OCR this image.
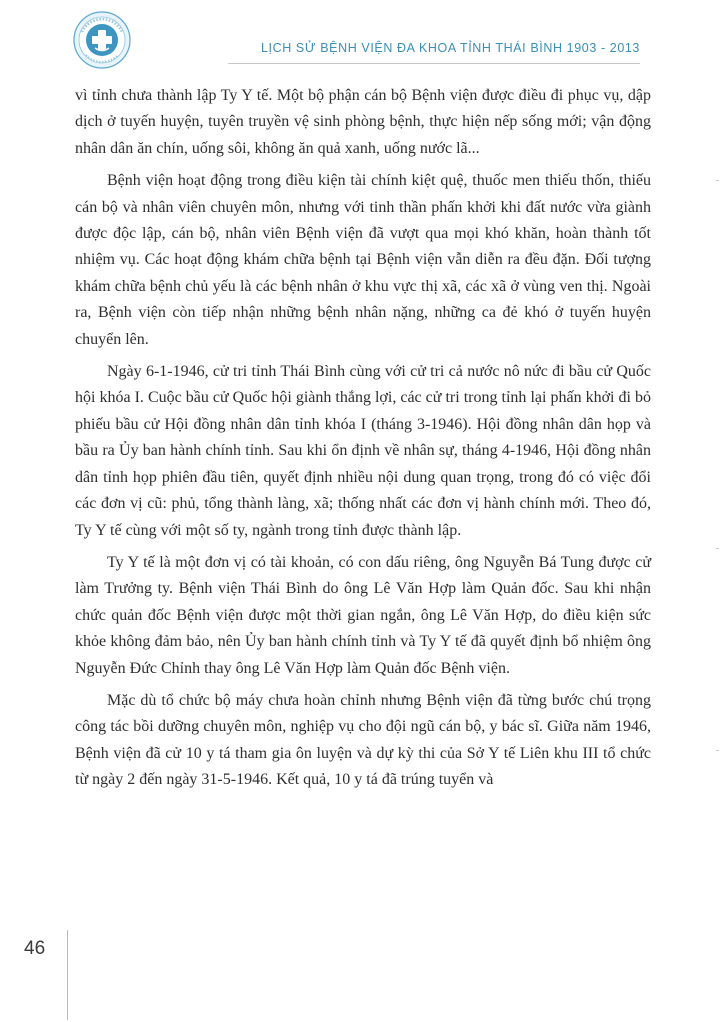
LỊCH SỬ BỆNH VIỆN ĐA KHOA TỈNH THÁI BÌNH 1903 - 2013

vì tỉnh chưa thành lập Ty Y tế. Một bộ phận cán bộ Bệnh viện được điều đi phục vụ, dập dịch ở tuyến huyện, tuyên truyền vệ sinh phòng bệnh, thực hiện nếp sống mới; vận động nhân dân ăn chín, uống sôi, không ăn quả xanh, uống nước lã...

Bệnh viện hoạt động trong điều kiện tài chính kiệt quệ, thuốc men thiếu thốn, thiếu cán bộ và nhân viên chuyên môn, nhưng với tinh thần phấn khởi khi đất nước vừa giành được độc lập, cán bộ, nhân viên Bệnh viện đã vượt qua mọi khó khăn, hoàn thành tốt nhiệm vụ. Các hoạt động khám chữa bệnh tại Bệnh viện vẫn diễn ra đều đặn. Đối tượng khám chữa bệnh chủ yếu là các bệnh nhân ở khu vực thị xã, các xã ở vùng ven thị. Ngoài ra, Bệnh viện còn tiếp nhận những bệnh nhân nặng, những ca đẻ khó ở tuyến huyện chuyển lên.

Ngày 6-1-1946, cử tri tỉnh Thái Bình cùng với cử tri cả nước nô nức đi bầu cử Quốc hội khóa I. Cuộc bầu cử Quốc hội giành thắng lợi, các cử tri trong tỉnh lại phấn khởi đi bỏ phiếu bầu cử Hội đồng nhân dân tỉnh khóa I (tháng 3-1946). Hội đồng nhân dân họp và bầu ra Ủy ban hành chính tỉnh. Sau khi ổn định về nhân sự, tháng 4-1946, Hội đồng nhân dân tỉnh họp phiên đầu tiên, quyết định nhiều nội dung quan trọng, trong đó có việc đổi các đơn vị cũ: phủ, tổng thành làng, xã; thống nhất các đơn vị hành chính mới. Theo đó, Ty Y tế cùng với một số ty, ngành trong tỉnh được thành lập.

Ty Y tế là một đơn vị có tài khoản, có con dấu riêng, ông Nguyễn Bá Tung được cử làm Trưởng ty. Bệnh viện Thái Bình do ông Lê Văn Hợp làm Quản đốc. Sau khi nhận chức quản đốc Bệnh viện được một thời gian ngắn, ông Lê Văn Hợp, do điều kiện sức khỏe không đảm bảo, nên Ủy ban hành chính tỉnh và Ty Y tế đã quyết định bổ nhiệm ông Nguyễn Đức Chỉnh thay ông Lê Văn Hợp làm Quản đốc Bệnh viện.

Mặc dù tổ chức bộ máy chưa hoàn chỉnh nhưng Bệnh viện đã từng bước chú trọng công tác bồi dưỡng chuyên môn, nghiệp vụ cho đội ngũ cán bộ, y bác sĩ. Giữa năm 1946, Bệnh viện đã cử 10 y tá tham gia ôn luyện và dự kỳ thi của Sở Y tế Liên khu III tổ chức từ ngày 2 đến ngày 31-5-1946. Kết quả, 10 y tá đã trúng tuyển và

46
